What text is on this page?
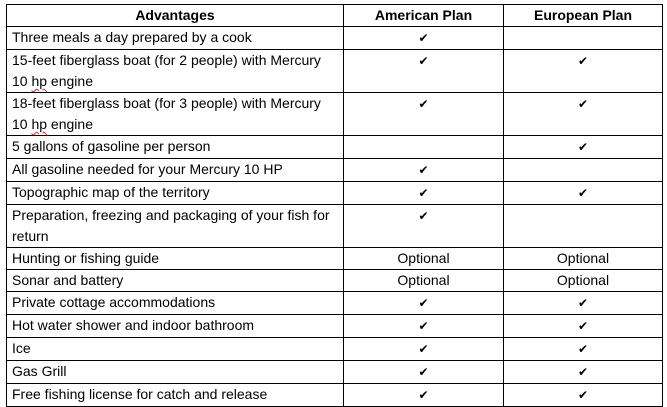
Advantages	American Plan	European Plan
Three meals a day prepared by a cook	✔	
15-feet fiberglass boat (for 2 people) with Mercury 10 hp engine	✔	✔
18-feet fiberglass boat (for 3 people) with Mercury 10 hp engine	✔	✔
5 gallons of gasoline per person		✔
All gasoline needed for your Mercury 10 HP	✔	
Topographic map of the territory	✔	✔
Preparation, freezing and packaging of your fish for return	✔	
Hunting or fishing guide	Optional	Optional
Sonar and battery	Optional	Optional
Private cottage accommodations	✔	✔
Hot water shower and indoor bathroom	✔	✔
Ice	✔	✔
Gas Grill	✔	✔
Free fishing license for catch and release	✔	✔
